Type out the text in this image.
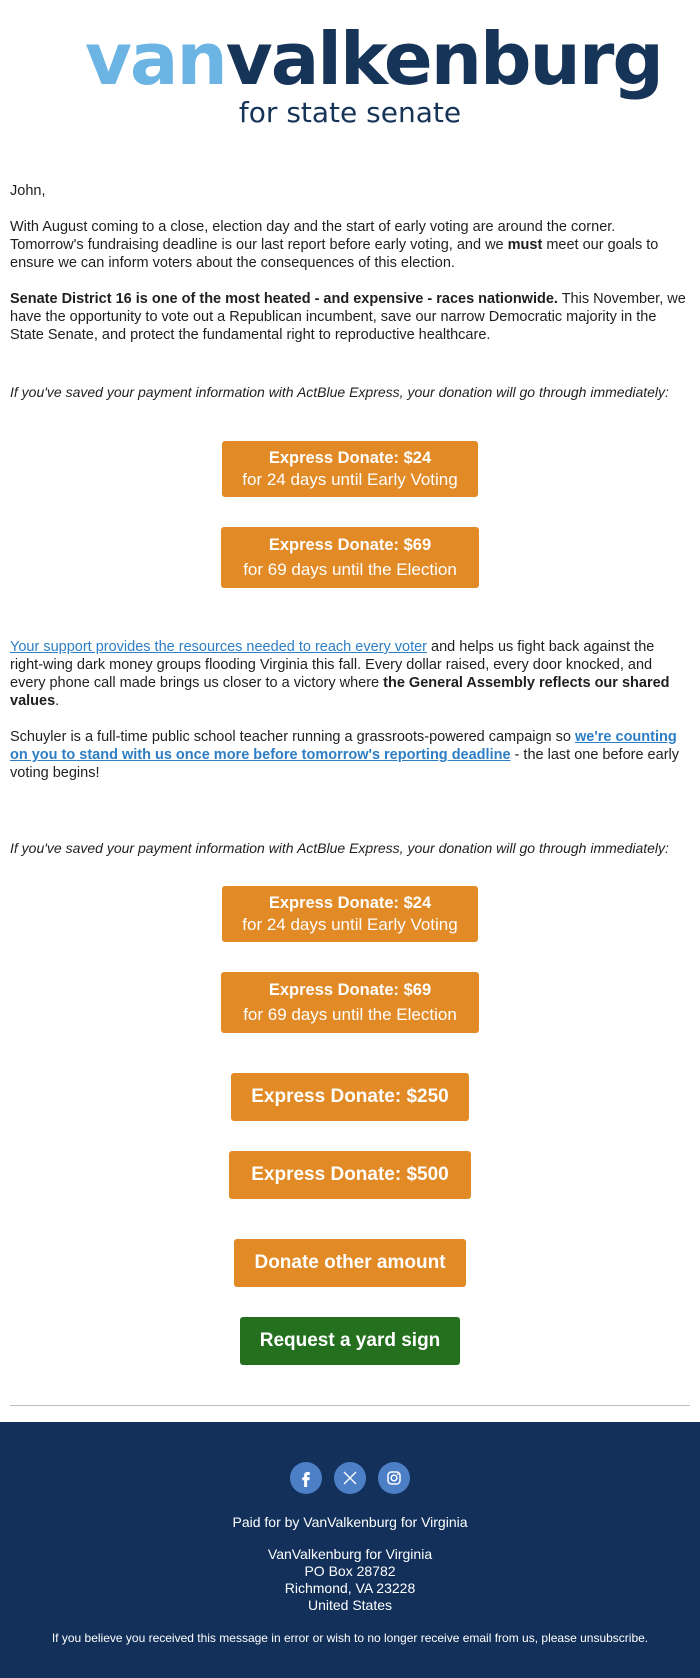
vanvalkenburg
for state senate
John,
With August coming to a close, election day and the start of early voting are around the corner. Tomorrow's fundraising deadline is our last report before early voting, and we must meet our goals to ensure we can inform voters about the consequences of this election.
Senate District 16 is one of the most heated - and expensive - races nationwide. This November, we have the opportunity to vote out a Republican incumbent, save our narrow Democratic majority in the State Senate, and protect the fundamental right to reproductive healthcare.
If you've saved your payment information with ActBlue Express, your donation will go through immediately:
Express Donate: $24
for 24 days until Early Voting
Express Donate: $69
for 69 days until the Election
Your support provides the resources needed to reach every voter and helps us fight back against the right-wing dark money groups flooding Virginia this fall. Every dollar raised, every door knocked, and every phone call made brings us closer to a victory where the General Assembly reflects our shared values.
Schuyler is a full-time public school teacher running a grassroots-powered campaign so we're counting on you to stand with us once more before tomorrow's reporting deadline - the last one before early voting begins!
If you've saved your payment information with ActBlue Express, your donation will go through immediately:
Express Donate: $24
for 24 days until Early Voting
Express Donate: $69
for 69 days until the Election
Express Donate: $250
Express Donate: $500
Donate other amount
Request a yard sign
Paid for by VanValkenburg for Virginia
VanValkenburg for Virginia
PO Box 28782
Richmond, VA 23228
United States
If you believe you received this message in error or wish to no longer receive email from us, please unsubscribe.
